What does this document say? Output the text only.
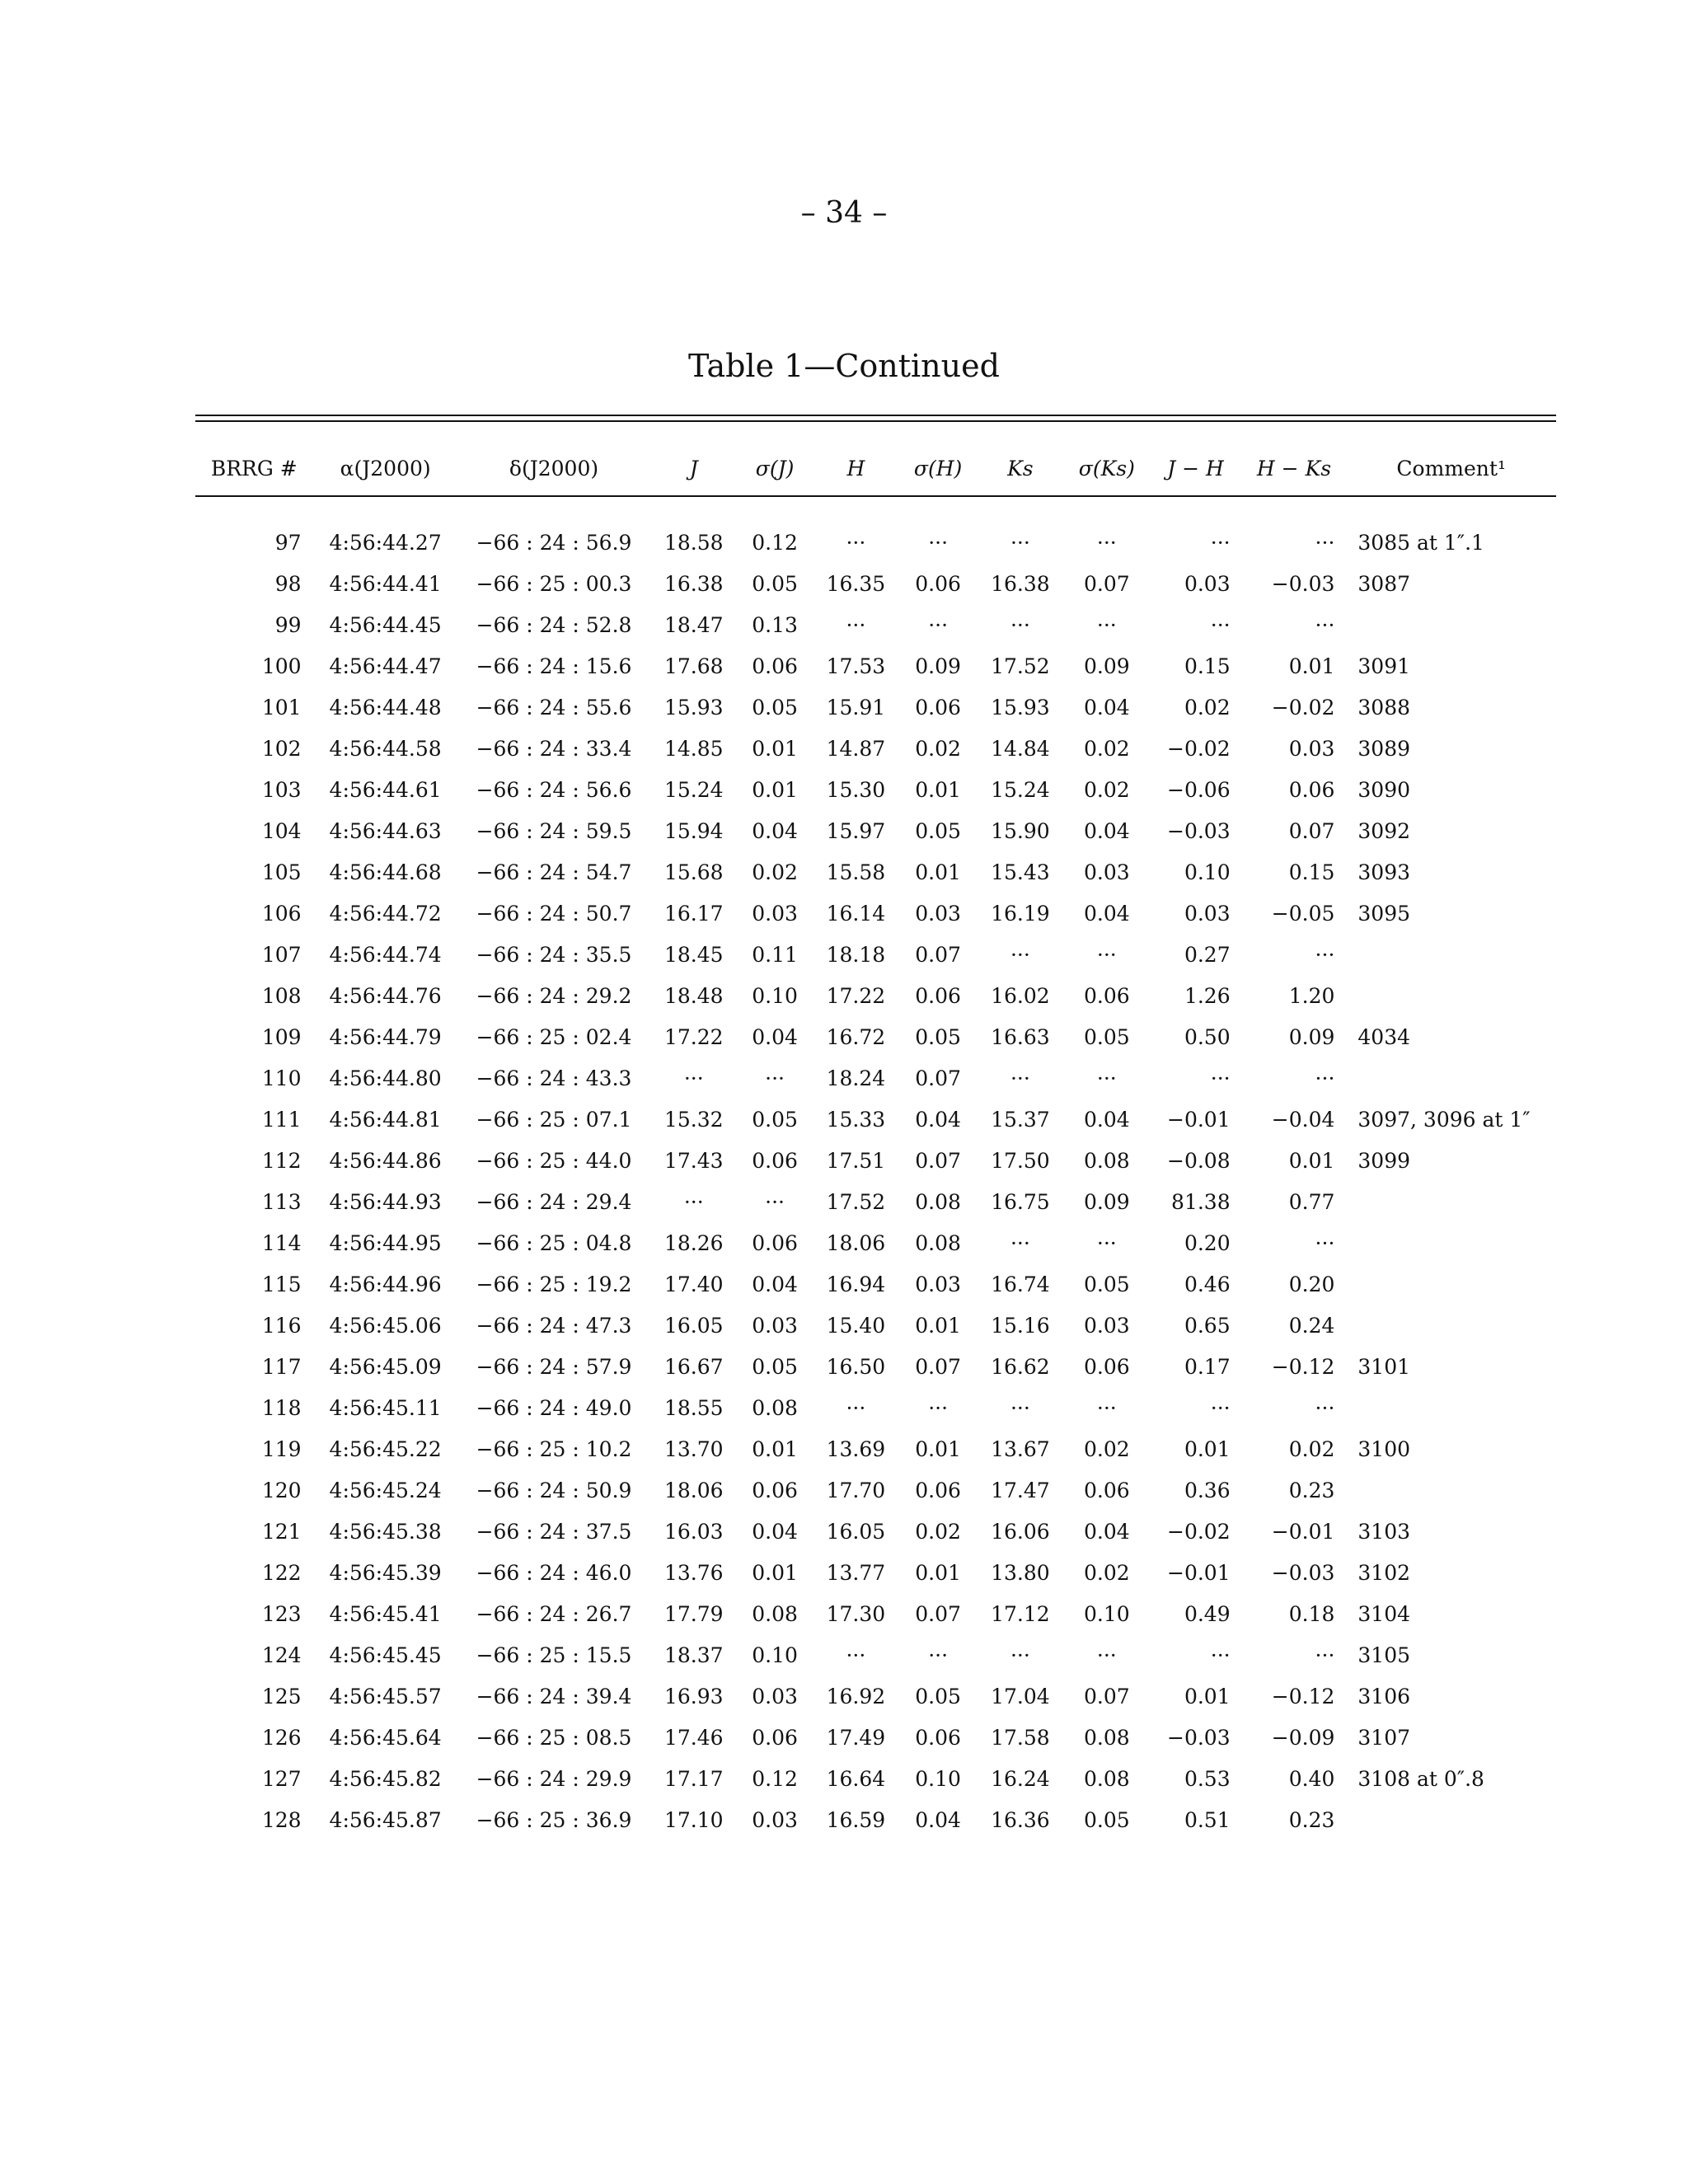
– 34 –
Table 1—Continued
BRRG #	α(J2000)	δ(J2000)	J	σ(J)	H	σ(H)	Ks	σ(Ks)	J − H	H − Ks	Comment¹

97	4:56:44.27	−66 : 24 : 56.9	18.58	0.12	···	···	···	···	···	···	3085 at 1″.1
98	4:56:44.41	−66 : 25 : 00.3	16.38	0.05	16.35	0.06	16.38	0.07	0.03	−0.03	3087
99	4:56:44.45	−66 : 24 : 52.8	18.47	0.13	···	···	···	···	···	···	
100	4:56:44.47	−66 : 24 : 15.6	17.68	0.06	17.53	0.09	17.52	0.09	0.15	0.01	3091
101	4:56:44.48	−66 : 24 : 55.6	15.93	0.05	15.91	0.06	15.93	0.04	0.02	−0.02	3088
102	4:56:44.58	−66 : 24 : 33.4	14.85	0.01	14.87	0.02	14.84	0.02	−0.02	0.03	3089
103	4:56:44.61	−66 : 24 : 56.6	15.24	0.01	15.30	0.01	15.24	0.02	−0.06	0.06	3090
104	4:56:44.63	−66 : 24 : 59.5	15.94	0.04	15.97	0.05	15.90	0.04	−0.03	0.07	3092
105	4:56:44.68	−66 : 24 : 54.7	15.68	0.02	15.58	0.01	15.43	0.03	0.10	0.15	3093
106	4:56:44.72	−66 : 24 : 50.7	16.17	0.03	16.14	0.03	16.19	0.04	0.03	−0.05	3095
107	4:56:44.74	−66 : 24 : 35.5	18.45	0.11	18.18	0.07	···	···	0.27	···	
108	4:56:44.76	−66 : 24 : 29.2	18.48	0.10	17.22	0.06	16.02	0.06	1.26	1.20	
109	4:56:44.79	−66 : 25 : 02.4	17.22	0.04	16.72	0.05	16.63	0.05	0.50	0.09	4034
110	4:56:44.80	−66 : 24 : 43.3	···	···	18.24	0.07	···	···	···	···	
111	4:56:44.81	−66 : 25 : 07.1	15.32	0.05	15.33	0.04	15.37	0.04	−0.01	−0.04	3097, 3096 at 1″
112	4:56:44.86	−66 : 25 : 44.0	17.43	0.06	17.51	0.07	17.50	0.08	−0.08	0.01	3099
113	4:56:44.93	−66 : 24 : 29.4	···	···	17.52	0.08	16.75	0.09	81.38	0.77	
114	4:56:44.95	−66 : 25 : 04.8	18.26	0.06	18.06	0.08	···	···	0.20	···	
115	4:56:44.96	−66 : 25 : 19.2	17.40	0.04	16.94	0.03	16.74	0.05	0.46	0.20	
116	4:56:45.06	−66 : 24 : 47.3	16.05	0.03	15.40	0.01	15.16	0.03	0.65	0.24	
117	4:56:45.09	−66 : 24 : 57.9	16.67	0.05	16.50	0.07	16.62	0.06	0.17	−0.12	3101
118	4:56:45.11	−66 : 24 : 49.0	18.55	0.08	···	···	···	···	···	···	
119	4:56:45.22	−66 : 25 : 10.2	13.70	0.01	13.69	0.01	13.67	0.02	0.01	0.02	3100
120	4:56:45.24	−66 : 24 : 50.9	18.06	0.06	17.70	0.06	17.47	0.06	0.36	0.23	
121	4:56:45.38	−66 : 24 : 37.5	16.03	0.04	16.05	0.02	16.06	0.04	−0.02	−0.01	3103
122	4:56:45.39	−66 : 24 : 46.0	13.76	0.01	13.77	0.01	13.80	0.02	−0.01	−0.03	3102
123	4:56:45.41	−66 : 24 : 26.7	17.79	0.08	17.30	0.07	17.12	0.10	0.49	0.18	3104
124	4:56:45.45	−66 : 25 : 15.5	18.37	0.10	···	···	···	···	···	···	3105
125	4:56:45.57	−66 : 24 : 39.4	16.93	0.03	16.92	0.05	17.04	0.07	0.01	−0.12	3106
126	4:56:45.64	−66 : 25 : 08.5	17.46	0.06	17.49	0.06	17.58	0.08	−0.03	−0.09	3107
127	4:56:45.82	−66 : 24 : 29.9	17.17	0.12	16.64	0.10	16.24	0.08	0.53	0.40	3108 at 0″.8
128	4:56:45.87	−66 : 25 : 36.9	17.10	0.03	16.59	0.04	16.36	0.05	0.51	0.23	
